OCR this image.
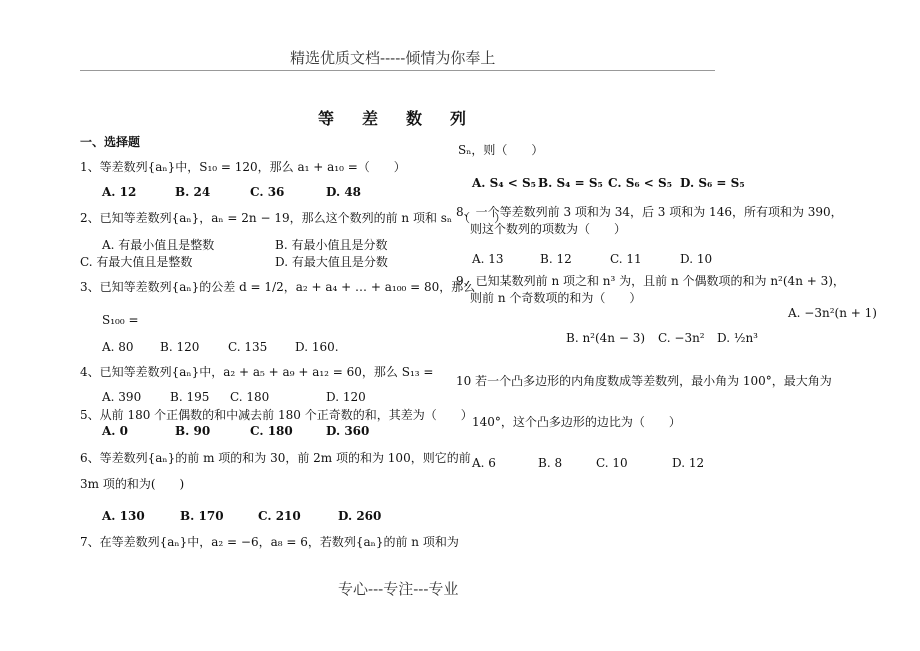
精选优质文档-----倾情为你奉上
等 差 数 列
一、选择题
1、等差数列{aₙ}中，S₁₀ = 120，那么 a₁ + a₁₀ =（　　）
A. 12	B. 24	C. 36	D. 48
2、已知等差数列{aₙ}，aₙ = 2n − 19，那么这个数列的前 n 项和 sₙ　（　　）
A. 有最小值且是整数	B. 有最小值且是分数
C. 有最大值且是整数	D. 有最大值且是分数
3、已知等差数列{aₙ}的公差 d = 1/2，a₂ + a₄ + … + a₁₀₀ = 80，那么
S₁₀₀ =
A. 80 B. 120 C. 135 D. 160.
4、已知等差数列{aₙ}中，a₂ + a₅ + a₉ + a₁₂ = 60，那么 S₁₃ =
A. 390 B. 195 C. 180	D. 120
5、从前 180 个正偶数的和中减去前 180 个正奇数的和，其差为（　　）
A. 0	B. 90	C. 180	D. 360
6、等差数列{aₙ}的前 m 项的和为 30，前 2m 项的和为 100，则它的前
3m 项的和为(　　)
A. 130	B. 170	C. 210	D. 260
7、在等差数列{aₙ}中，a₂ = −6，a₈ = 6，若数列{aₙ}的前 n 项和为
Sₙ，则（　　）
A. S₄ < S₅ B. S₄ = S₅ C. S₆ < S₅ D. S₆ = S₅
8、一个等差数列前 3 项和为 34，后 3 项和为 146，所有项和为 390，
则这个数列的项数为（　　）
A. 13	B. 12	C. 11	D. 10
9、已知某数列前 n 项之和 n³ 为，且前 n 个偶数项的和为 n²(4n + 3)，
则前 n 个奇数项的和为（　　）
A. −3n²(n + 1)
B. n²(4n − 3) C. −3n² D. ½n³
10 若一个凸多边形的内角度数成等差数列，最小角为 100°，最大角为
140°，这个凸多边形的边比为（　　）
A. 6	B. 8	C. 10	D. 12
专心---专注---专业
